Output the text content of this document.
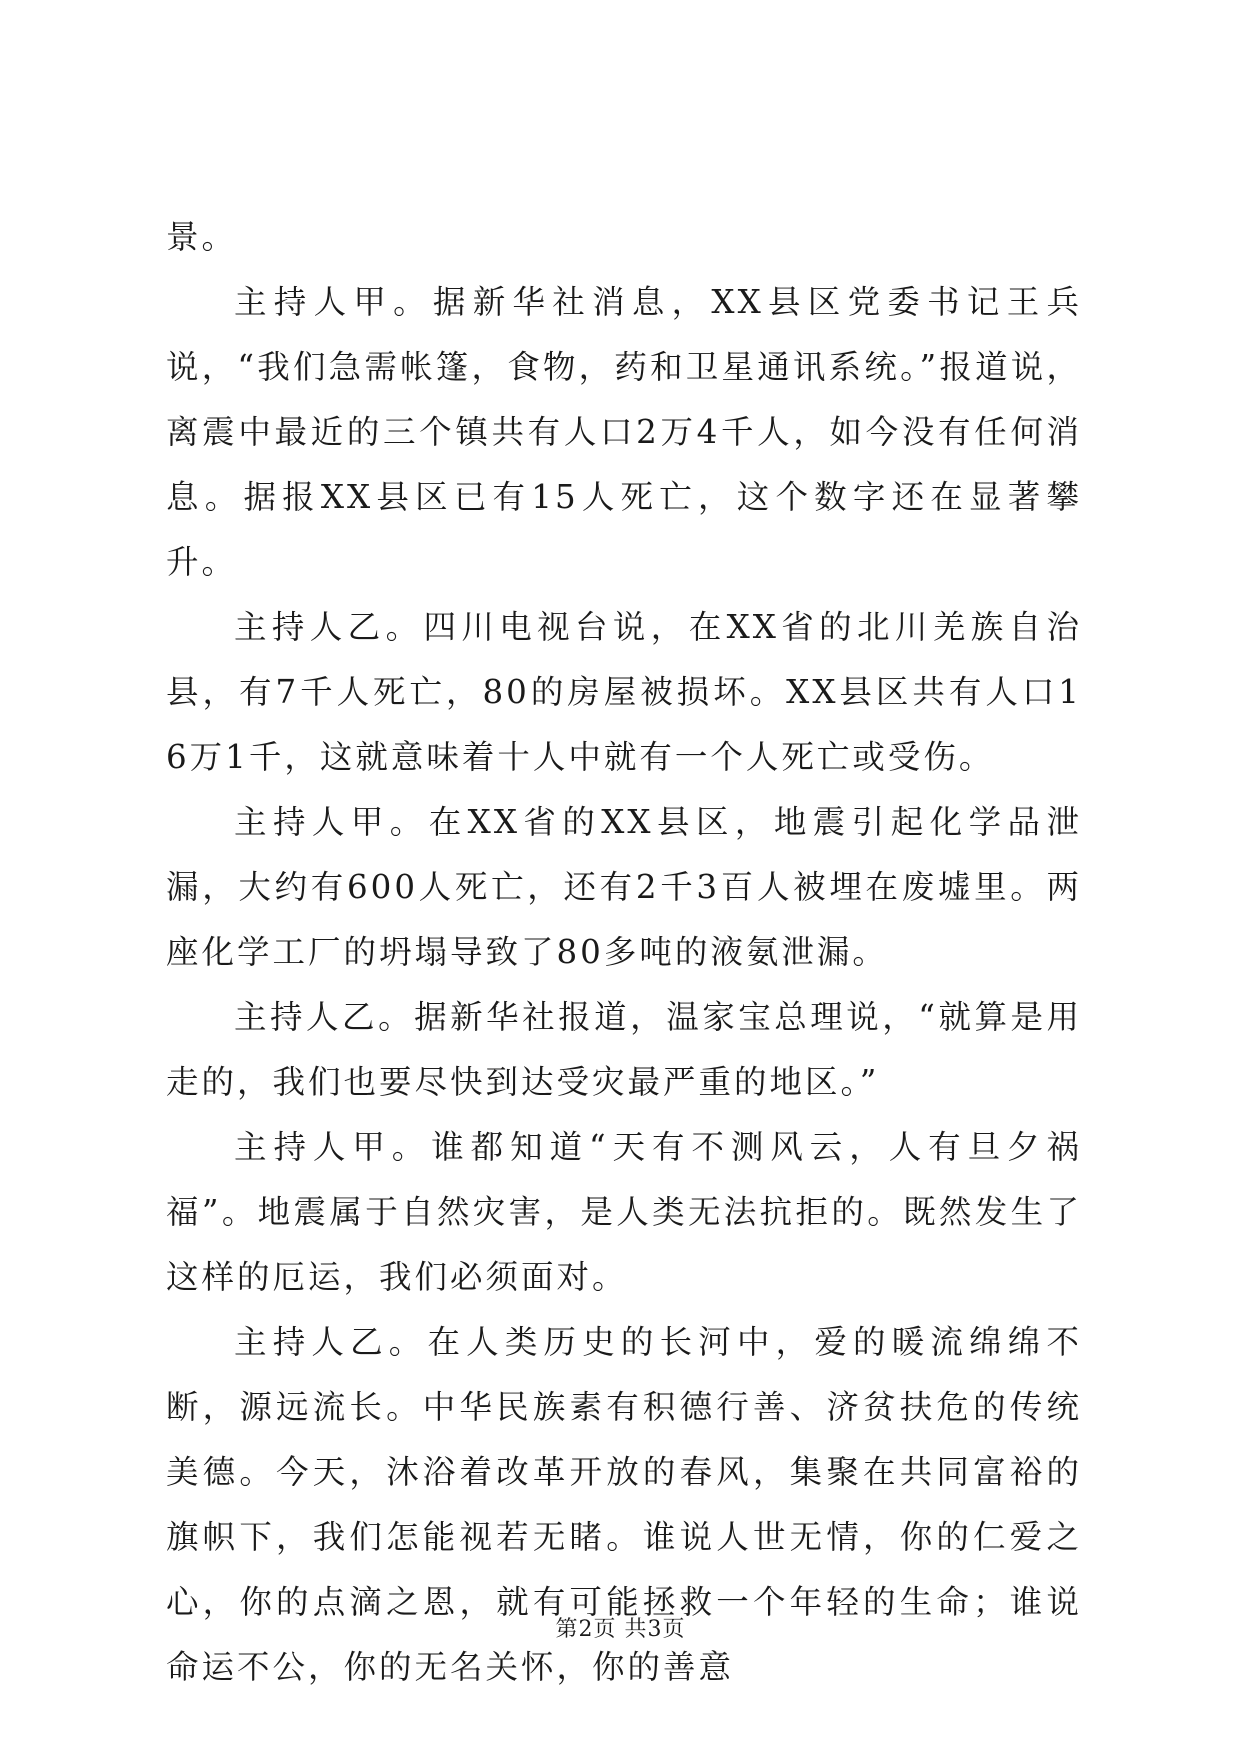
景。

主持人甲。据新华社消息，XX县区党委书记王兵说，“我们急需帐篷，食物，药和卫星通讯系统。”报道说，离震中最近的三个镇共有人口2万4千人，如今没有任何消息。据报XX县区已有15人死亡，这个数字还在显著攀升。

主持人乙。四川电视台说，在XX省的北川羌族自治县，有7千人死亡，80的房屋被损坏。XX县区共有人口16万1千，这就意味着十人中就有一个人死亡或受伤。

主持人甲。在XX省的XX县区，地震引起化学品泄漏，大约有600人死亡，还有2千3百人被埋在废墟里。两座化学工厂的坍塌导致了80多吨的液氨泄漏。

主持人乙。据新华社报道，温家宝总理说，“就算是用走的，我们也要尽快到达受灾最严重的地区。”

主持人甲。谁都知道“天有不测风云，人有旦夕祸福”。地震属于自然灾害，是人类无法抗拒的。既然发生了这样的厄运，我们必须面对。

主持人乙。在人类历史的长河中，爱的暖流绵绵不断，源远流长。中华民族素有积德行善、济贫扶危的传统美德。今天，沐浴着改革开放的春风，集聚在共同富裕的旗帜下，我们怎能视若无睹。谁说人世无情，你的仁爱之心，你的点滴之恩，就有可能拯救一个年轻的生命；谁说命运不公，你的无名关怀，你的善意

第2页 共3页
